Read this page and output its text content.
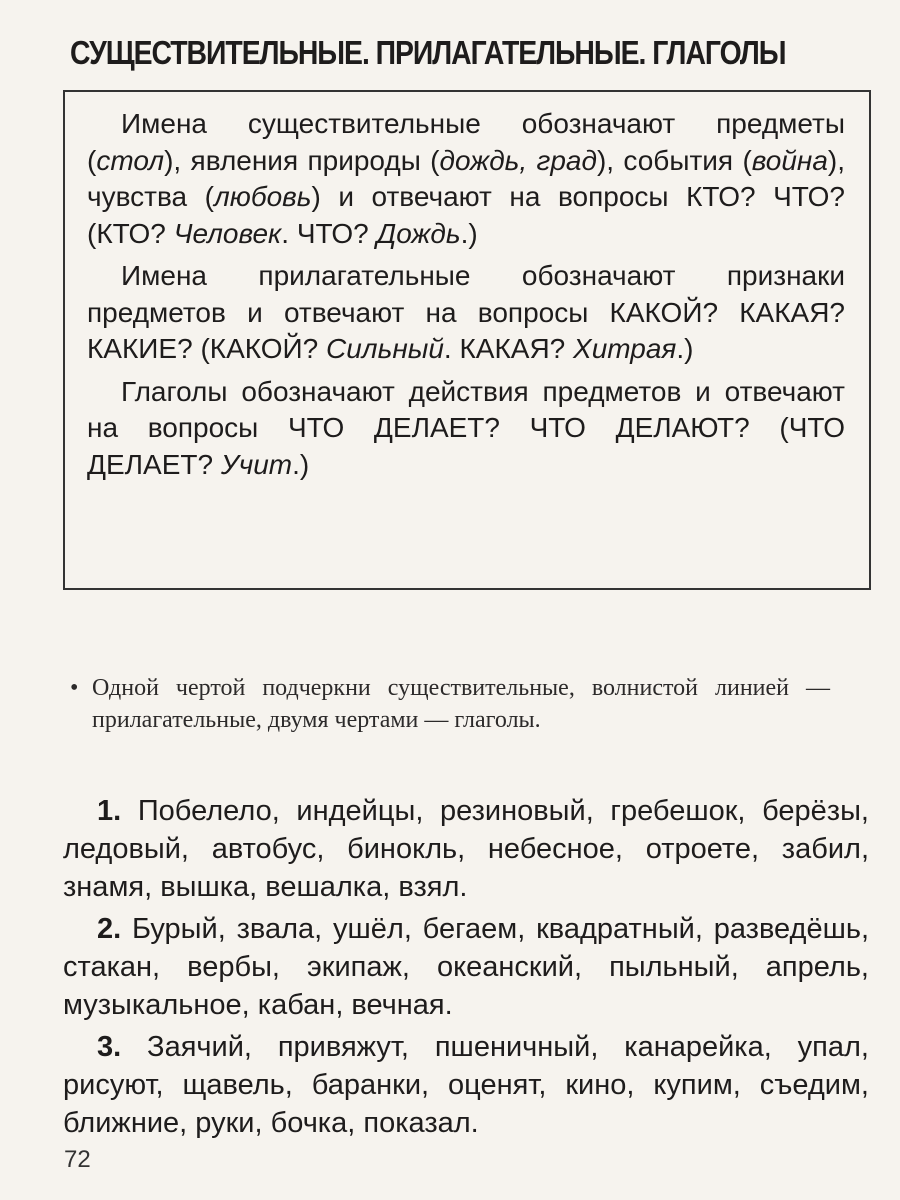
СУЩЕСТВИТЕЛЬНЫЕ. ПРИЛАГАТЕЛЬНЫЕ. ГЛАГОЛЫ

Имена существительные обозначают предметы (стол), явления природы (дождь, град), события (война), чувства (любовь) и отвечают на вопросы КТО? ЧТО? (КТО? Человек. ЧТО? Дождь.)

Имена прилагательные обозначают признаки предметов и отвечают на вопросы КАКОЙ? КАКАЯ? КАКИЕ? (КАКОЙ? Сильный. КАКАЯ? Хитрая.)

Глаголы обозначают действия предметов и отвечают на вопросы ЧТО ДЕЛАЕТ? ЧТО ДЕЛАЮТ? (ЧТО ДЕЛАЕТ? Учит.)

• Одной чертой подчеркни существительные, волнистой линией — прилагательные, двумя чертами — глаголы.

1. Побелело, индейцы, резиновый, гребешок, берёзы, ледовый, автобус, бинокль, небесное, отроете, забил, знамя, вышка, вешалка, взял.

2. Бурый, звала, ушёл, бегаем, квадратный, разведёшь, стакан, вербы, экипаж, океанский, пыльный, апрель, музыкальное, кабан, вечная.

3. Заячий, привяжут, пшеничный, канарейка, упал, рисуют, щавель, баранки, оценят, кино, купим, съедим, ближние, руки, бочка, показал.

72
